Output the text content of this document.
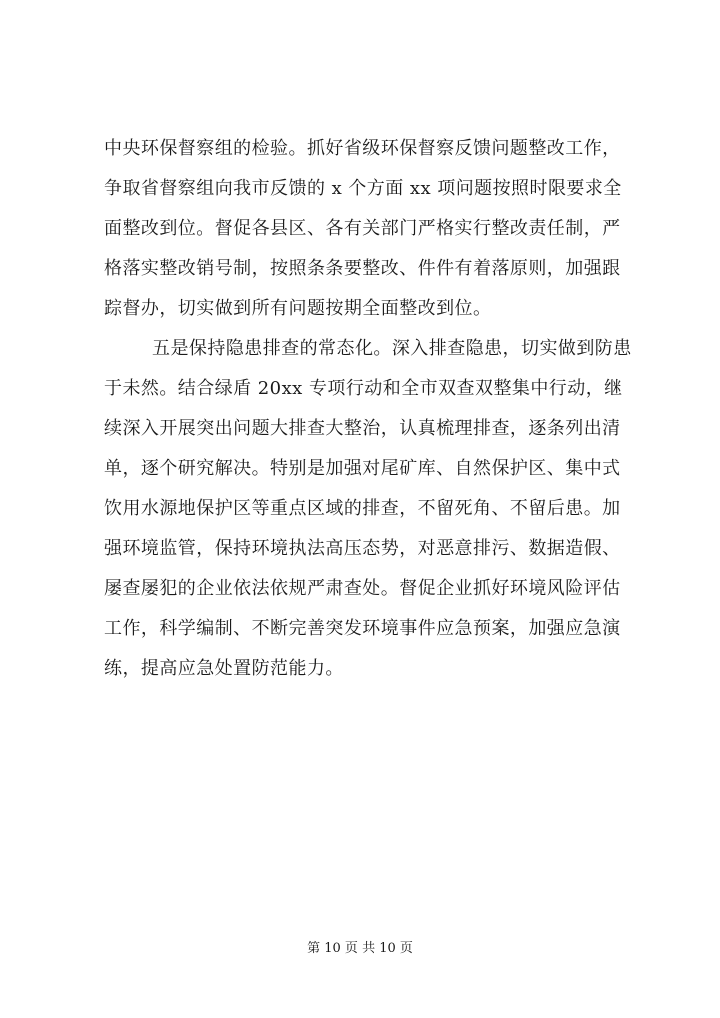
中央环保督察组的检验。抓好省级环保督察反馈问题整改工作，
争取省督察组向我市反馈的 x 个方面 xx 项问题按照时限要求全
面整改到位。督促各县区、各有关部门严格实行整改责任制，严
格落实整改销号制，按照条条要整改、件件有着落原则，加强跟
踪督办，切实做到所有问题按期全面整改到位。
五是保持隐患排查的常态化。深入排查隐患，切实做到防患
于未然。结合绿盾 20xx 专项行动和全市双查双整集中行动，继
续深入开展突出问题大排查大整治，认真梳理排查，逐条列出清
单，逐个研究解决。特别是加强对尾矿库、自然保护区、集中式
饮用水源地保护区等重点区域的排查，不留死角、不留后患。加
强环境监管，保持环境执法高压态势，对恶意排污、数据造假、
屡查屡犯的企业依法依规严肃查处。督促企业抓好环境风险评估
工作，科学编制、不断完善突发环境事件应急预案，加强应急演
练，提高应急处置防范能力。
第 10 页 共 10 页
